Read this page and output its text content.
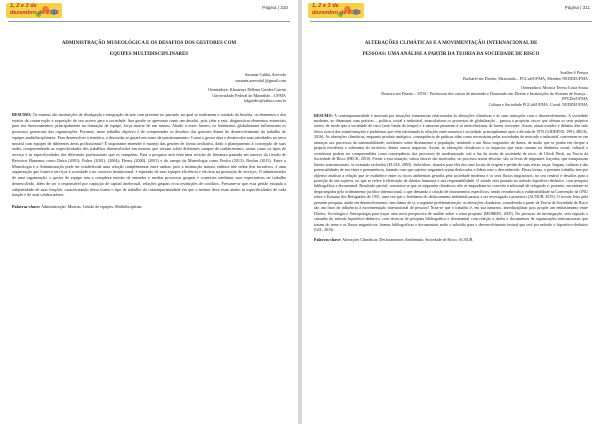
1, 2 e 3 de
dezembro de 2019
Página | 310
ADMINISTRAÇÃO MUSEOLÓGICA E OS DESAFIOS DOS GESTORES COM
EQUIPES MULTIDISCIPLINARES
Susanne Caldas Azevedo
susanne.azevedo1@gmail.com
Orientadora: Klautenys Dellene Guedes Cutrim
Universidade Federal do Maranhão – UFMA
kdguedes@yahoo.com.br
RESUMO: Os museus são instituições de divulgação e integração da arte com presente no passado, na qual se reafirmam o cuidado da história, os elementos e dos esteios da conservação e exposição do seu acervo para a sociedade. Sua gestão se apresenta como um desafio, pois cabe a esta, diagnosticar elementos essenciais para seu funcionamento, principalmente na formação de equipe, força motriz de um museu. Aliado a esses fatores, os fenômenos globalizantes influenciam os processos gerenciais das organizações. Portanto, neste trabalho objetivo é de compreender os desafios dos gestores diante do desenvolvimento do trabalho de equipes multidisciplinares. Para desenvolver a temática, a discussão se guiará em torno da questionamento: Como o gestor atua e desenvolve suas atividades no setor museal com equipes de diferentes áreas profissionais? É importante entender o manejo das gestões de forma avaliativa, dado o planejamento à concepção de suas sedes, compreendendo as especificidades dos trabalhos desenvolvidos em museus que versam sobre diferentes campos de conhecimento, assim como os tipos de serviço e as especificidades dos diferentes profissionais que os compõem. Para a pesquisa será feita uma revisão de literatura pautada em autores da Gestão de Recursos Humanos como Dutra (2001); Fisher (2001), (2004); Fleury (2000), (2001) e do campo da Museologia como Poulot (2013); Boylan (2015). Entre a Museologia e a Administração pode ser estabelecida uma relação complementar entre ambas, pois a instituição museu, embora não tenha fins lucrativos, é uma organização que fornece serviços à sociedade e no contexto institucional, é esperado de suas equipes eficiência e eficácia na prestação de serviços. O administrador de uma organização, o gestor de equipe tem a complexa missão de entender e mediar processos grupais e contextos mediante suas expectativas no trabalho desenvolvido, além de ser o responsável por captação de capital intelectual, relações grupais e/ou resoluções de conflitos. Presume-se que essa gestão estipula a subjetividade de suas funções, caracterizando dessa forma o tipo de trabalho da contemporaneidade em que o mentor deve estar atento às especificidades de cada função e de seus colaboradores.
Palavras-chave: Administração; Museus; Gestão de equipes; Multidisciplinar.
1, 2 e 3 de
dezembro de 2019
Página | 311
ALTERAÇÕES CLIMÁTICAS E A MOVIMENTAÇÃO INTERNACIONAL DE
PESSOAS: UMA ANÁLISE A PARTIR DA TEORIA DA SOCIEDADE DE RISCO
Suellen S Pessoa
Bacharel em Direito; Mestranda – PGCult/UFMA; Membro NEDDI/UFMA
Orientadora; Monica Teresa Costa Sousa
Doutora em Direito – UFSC. Professora dos cursos de mestrado e Doutorado em Direito e Instituições do Sistema de Justiça –
PPGDir/UFMA
Cultura e Sociedade PGCult/UFMA. Coord. NEDDI/UFMA
RESUMO: A contemporaneidade é marcada por situações tormentosas relacionadas às alterações climáticas e às suas interações com o desenvolvimento. A sociedade moderna, ao dinamizar suas práticas – política, social e industrial, muscularizou os processos de globalização – passou a propiciar riscos que afetam os seus próprios atores, de modo que a sociedade de risco (sem limite de tempo) e a natureza passaram a se interrelacionar de forma crescente. Assim, atuais estudos e debates têm sido feitos acerca das transformações e problemas que vêm estreitando as relações entre natureza e sociedade, principalmente após a década de 1970 (GIDDENS, 1991; BECK, 2016). As alterações climáticas, enquanto produto antrópico, consequência de práticas tidas como necessárias pelas sociedades de mercado e industrial, convertem-se em ameaças aos processos da sustentabilidade, incidentes sobre diretamente a população, tendendo a um fluxo migratório de danos, de modo que se ponha em cheque a própria existência e soberania do território, dentre outros impactos. Assim, as alterações climáticas e os impactos que estas causam na dinâmica social, cultural e econômica podem ser compreendidas como consequência dos processos de modernização sob a luz da teoria da sociedade de risco, de Ulrich Beck, na Teoria da Sociedade de Risco (BECK, 2010). Frente a esta situação, vários fatores são motivados, no processo acima descrito, são os levas de migrantes forçados, que transpassam limites transnacionais, se tornando excluídos (ELIAS, 2005). Indivíduos, dotados para eles dos seus locais de origem e perdas de suas terras, raças, línguas, culturas e das potencialidades de seu fazer e permanência, fazendo com que sujeitos migrantes sejam deslocados e lidem com o desconhecido. Dessa forma, o presente trabalho tem por objetivo analisar a relação que se estabelece entre os riscos ambientais gerados pela sociedade moderna e os seus fluxos migratórios, no seu cenário e desafios para a proteção de tais sujeitos, no que se refere à efetivação de direitos humanos e sua responsabilidade. O estudo será pautado no método hipotético-dedutivo, com pesquisa bibliográfica e documental. Resultado parcial, constatou-se que os migrantes climáticos não se enquadram no conceito tradicional de refugiado e, portanto, encontram-se desprotegidos pelo ordenamento jurídico internacional, o que demanda a criação de instrumentos específicos, sendo reconhecida a vulnerabilidade na Convenção da ONU sobre o Estatuto dos Refugiados de 1951, uma vez que o fenômeno do deslocamento ambiental passou a ser investigado a posteriori (ACNUR, 2019). O recorte feito pela presente pesquisa, ainda em desenvolvimento, tem diante de si, a seguinte problematização: as alterações climáticas, considerada a partir da Teoria da Sociedade de Risco são um fator de influência à movimentação internacional de pessoas? Nota-se que o trabalho é, em sua natureza, interdisciplinar pois propõe um embasamento entre Direito, Sociologia e Antropologia para traçar uma nova perspectiva de análise sobre o tema proposto (MORRIN, 2005). No percurso da investigação, será seguido o caminho do método hipotético-dedutivo, com técnicas de pesquisa bibliográfica e documental com relação a dados e documentos de organizações internacionais que tratam do tema e os fluxos migratórios: formas bibliográficas e documentais serão o subsídio para o desenvolvimento textual que terá por método o hipotético-dedutivo (GIL, 2010).
Palavras-chave: Alterações Climáticas; Deslocamentos Ambientais; Sociedade de Risco; ACNUR.
